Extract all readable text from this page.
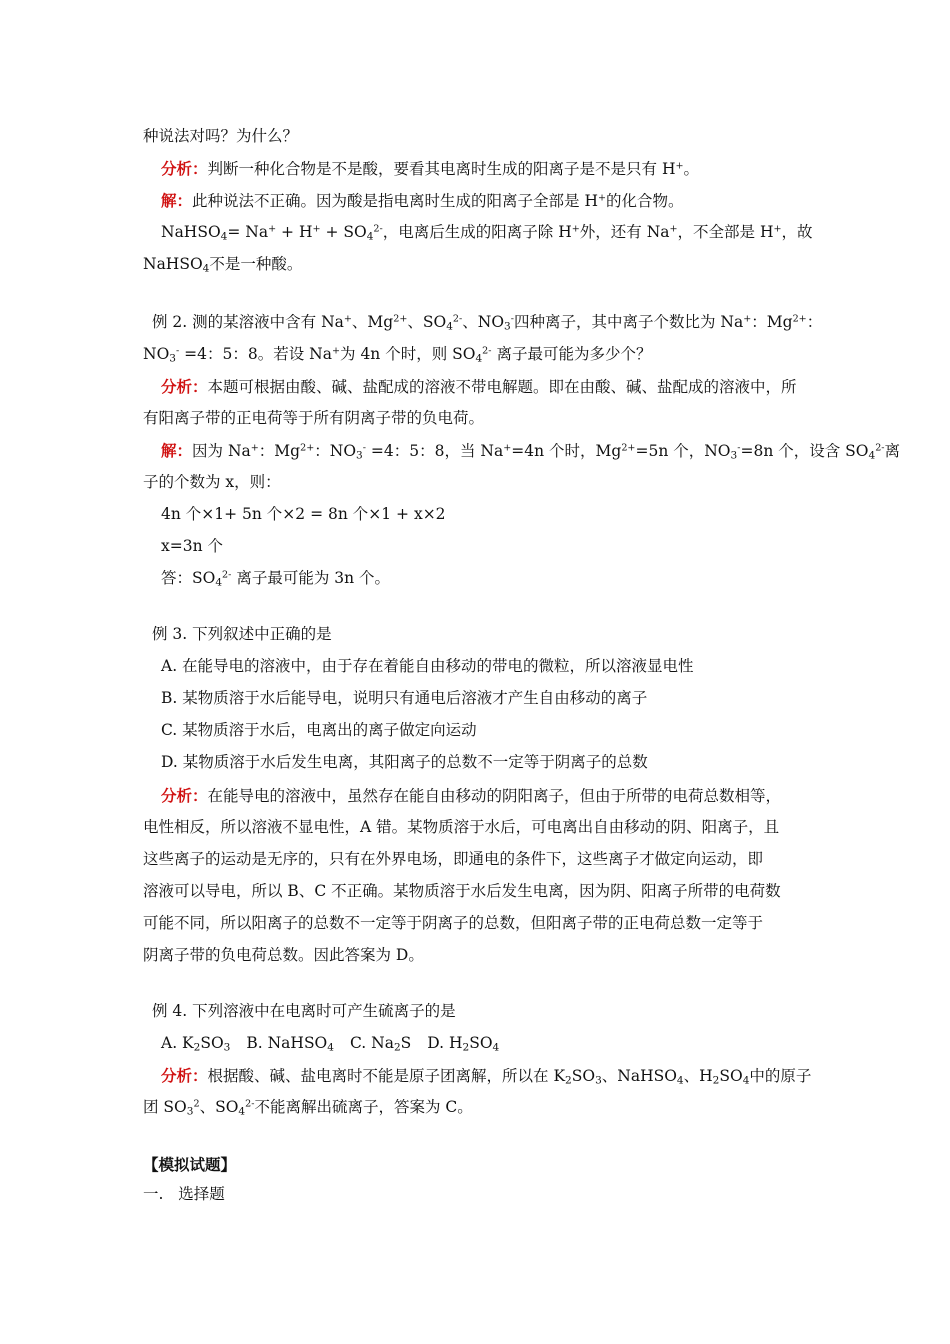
种说法对吗？为什么？
分析：判断一种化合物是不是酸，要看其电离时生成的阳离子是不是只有 H+。
解：此种说法不正确。因为酸是指电离时生成的阳离子全部是 H+的化合物。
NaHSO$_4$= $Na^+ + H^+ + SO_4^{2-}$，电离后生成的阳离子除 H+外，还有 Na+，不全部是 H+，故
NaHSO$_4$不是一种酸。
例 2. 测的某溶液中含有 Na+、$Mg^{2+}$、$SO_4^{2-}$、$NO_3^-$四种离子，其中离子个数比为 Na+：$Mg^{2+}$：
$NO_3^- =4$：5：8。若设 Na+为 4n 个时，则 $SO_4^{2-}$ 离子最可能为多少个？
分析：本题可根据由酸、碱、盐配成的溶液不带电解题。即在由酸、碱、盐配成的溶液中，所
有阳离子带的正电荷等于所有阴离子带的负电荷。
解：因为 Na+：$Mg^{2+}$：$NO_3^- =4$：5：8，当 Na+=4n 个时，$Mg^{2+}=5n$ 个，$NO_3^-=8n$ 个，设含 $SO_4^{2-}$离
子的个数为 x，则：
4n 个×1+ 5n 个×2 = 8n 个×1 + x×2
x=3n 个
答：$SO_4^{2-}$ 离子最可能为 3n 个。
例 3. 下列叙述中正确的是
A. 在能导电的溶液中，由于存在着能自由移动的带电的微粒，所以溶液显电性
B. 某物质溶于水后能导电，说明只有通电后溶液才产生自由移动的离子
C. 某物质溶于水后，电离出的离子做定向运动
D. 某物质溶于水后发生电离，其阳离子的总数不一定等于阴离子的总数
分析：在能导电的溶液中，虽然存在能自由移动的阴阳离子，但由于所带的电荷总数相等，
电性相反，所以溶液不显电性，A 错。某物质溶于水后，可电离出自由移动的阴、阳离子，且
这些离子的运动是无序的，只有在外界电场，即通电的条件下，这些离子才做定向运动，即
溶液可以导电，所以 B、C 不正确。某物质溶于水后发生电离，因为阴、阳离子所带的电荷数
可能不同，所以阳离子的总数不一定等于阴离子的总数，但阳离子带的正电荷总数一定等于
阴离子带的负电荷总数。因此答案为 D。
例 4. 下列溶液中在电离时可产生硫离子的是
A. $K_2SO_3$ B. NaHSO$_4$ C. $Na_2S$ D. $H_2SO_4$
分析：根据酸、碱、盐电离时不能是原子团离解，所以在 $K_2SO_3$、NaHSO$_4$、$H_2SO_4$中的原子
团 $SO_3^2$、$SO_4^{2-}$不能离解出硫离子，答案为 C。
【模拟试题】
一.   选择题
